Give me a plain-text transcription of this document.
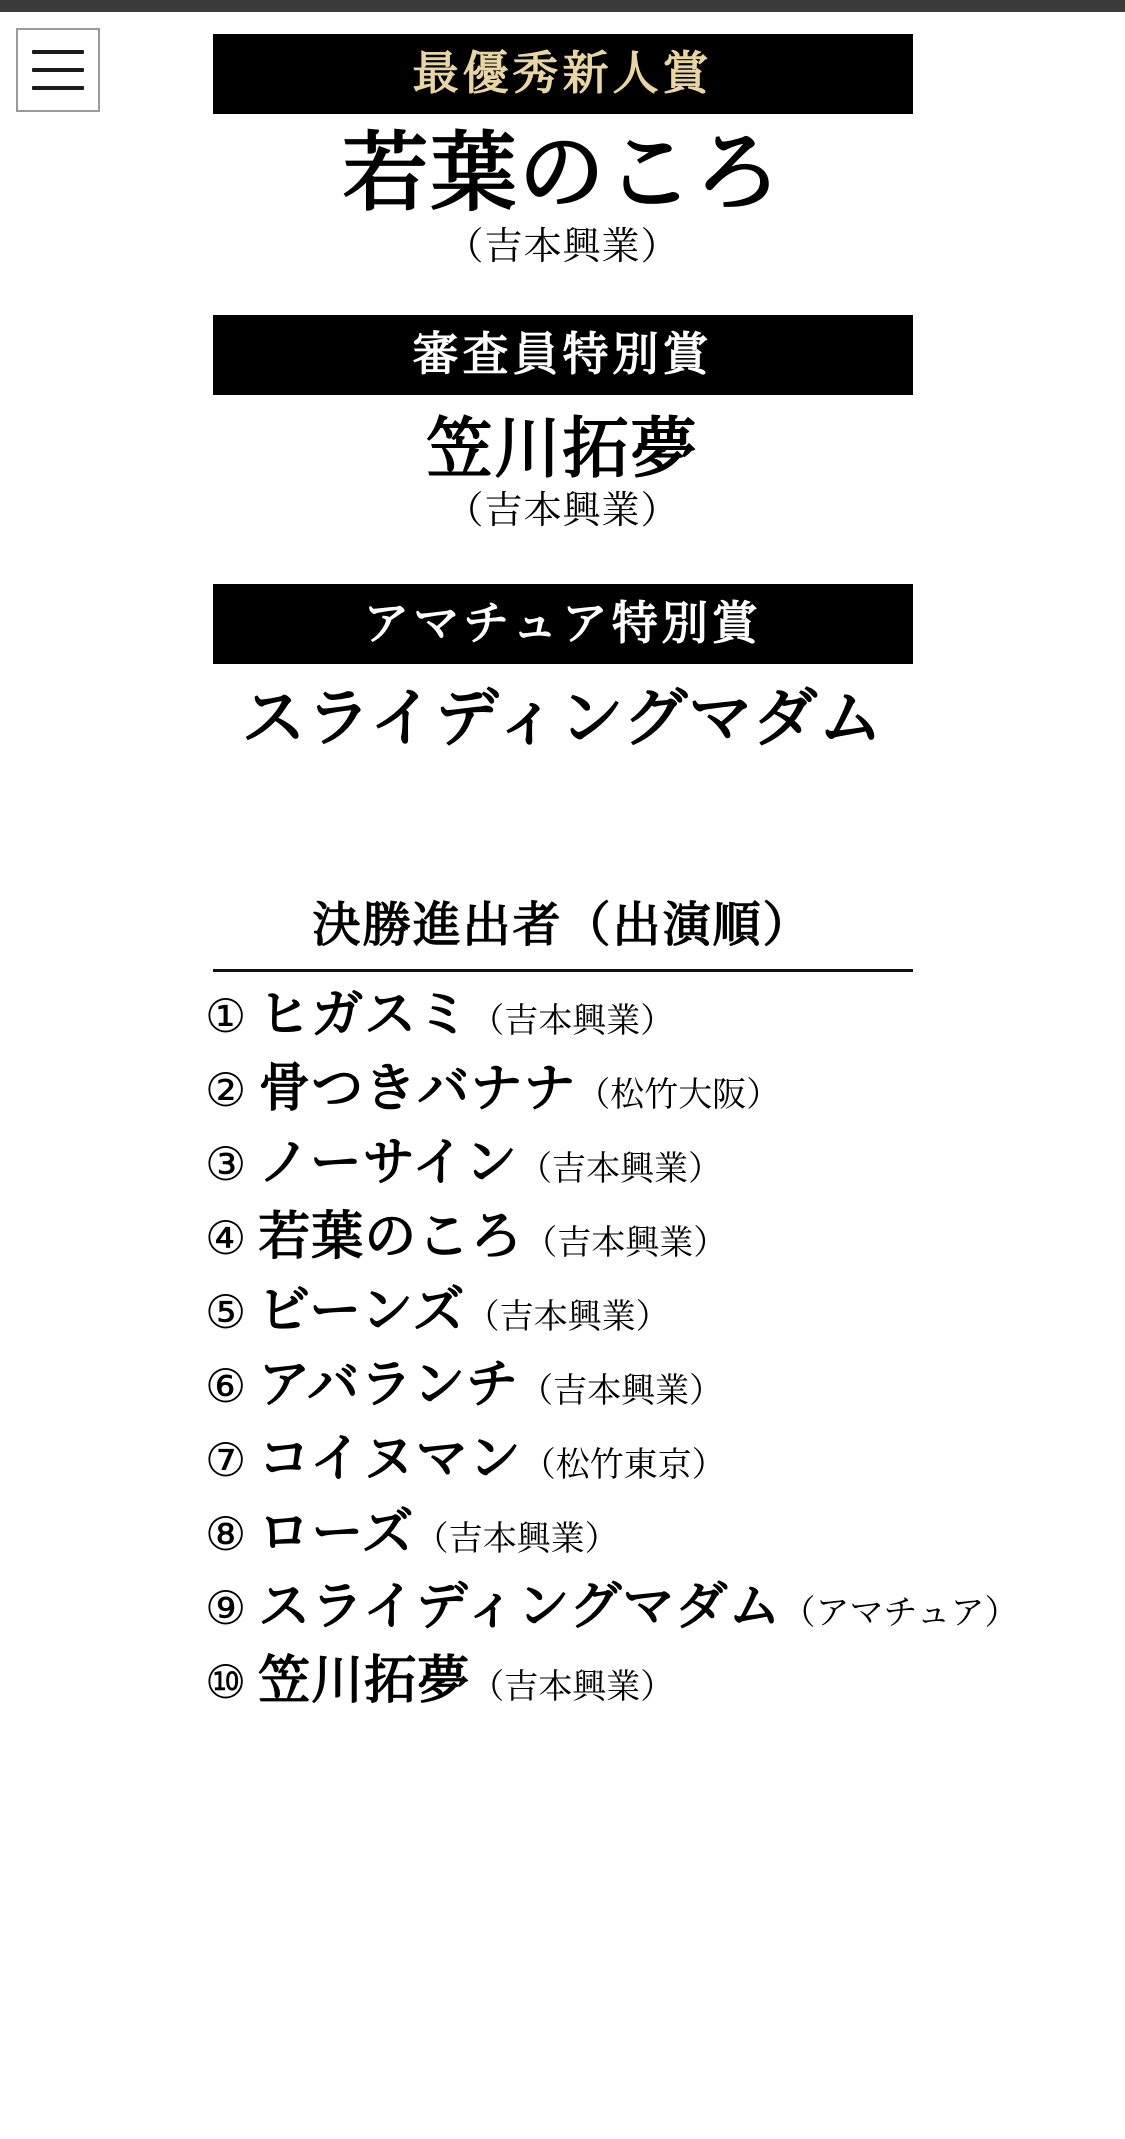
最優秀新人賞
若葉のころ
（吉本興業）
審査員特別賞
笠川拓夢
（吉本興業）
アマチュア特別賞
スライディングマダム
決勝進出者（出演順）
① ヒガスミ （吉本興業）
② 骨つきバナナ （松竹大阪）
③ ノーサイン （吉本興業）
④ 若葉のころ （吉本興業）
⑤ ビーンズ （吉本興業）
⑥ アバランチ （吉本興業）
⑦ コイヌマン （松竹東京）
⑧ ローズ （吉本興業）
⑨ スライディングマダム （アマチュア）
⑩ 笠川拓夢 （吉本興業）
